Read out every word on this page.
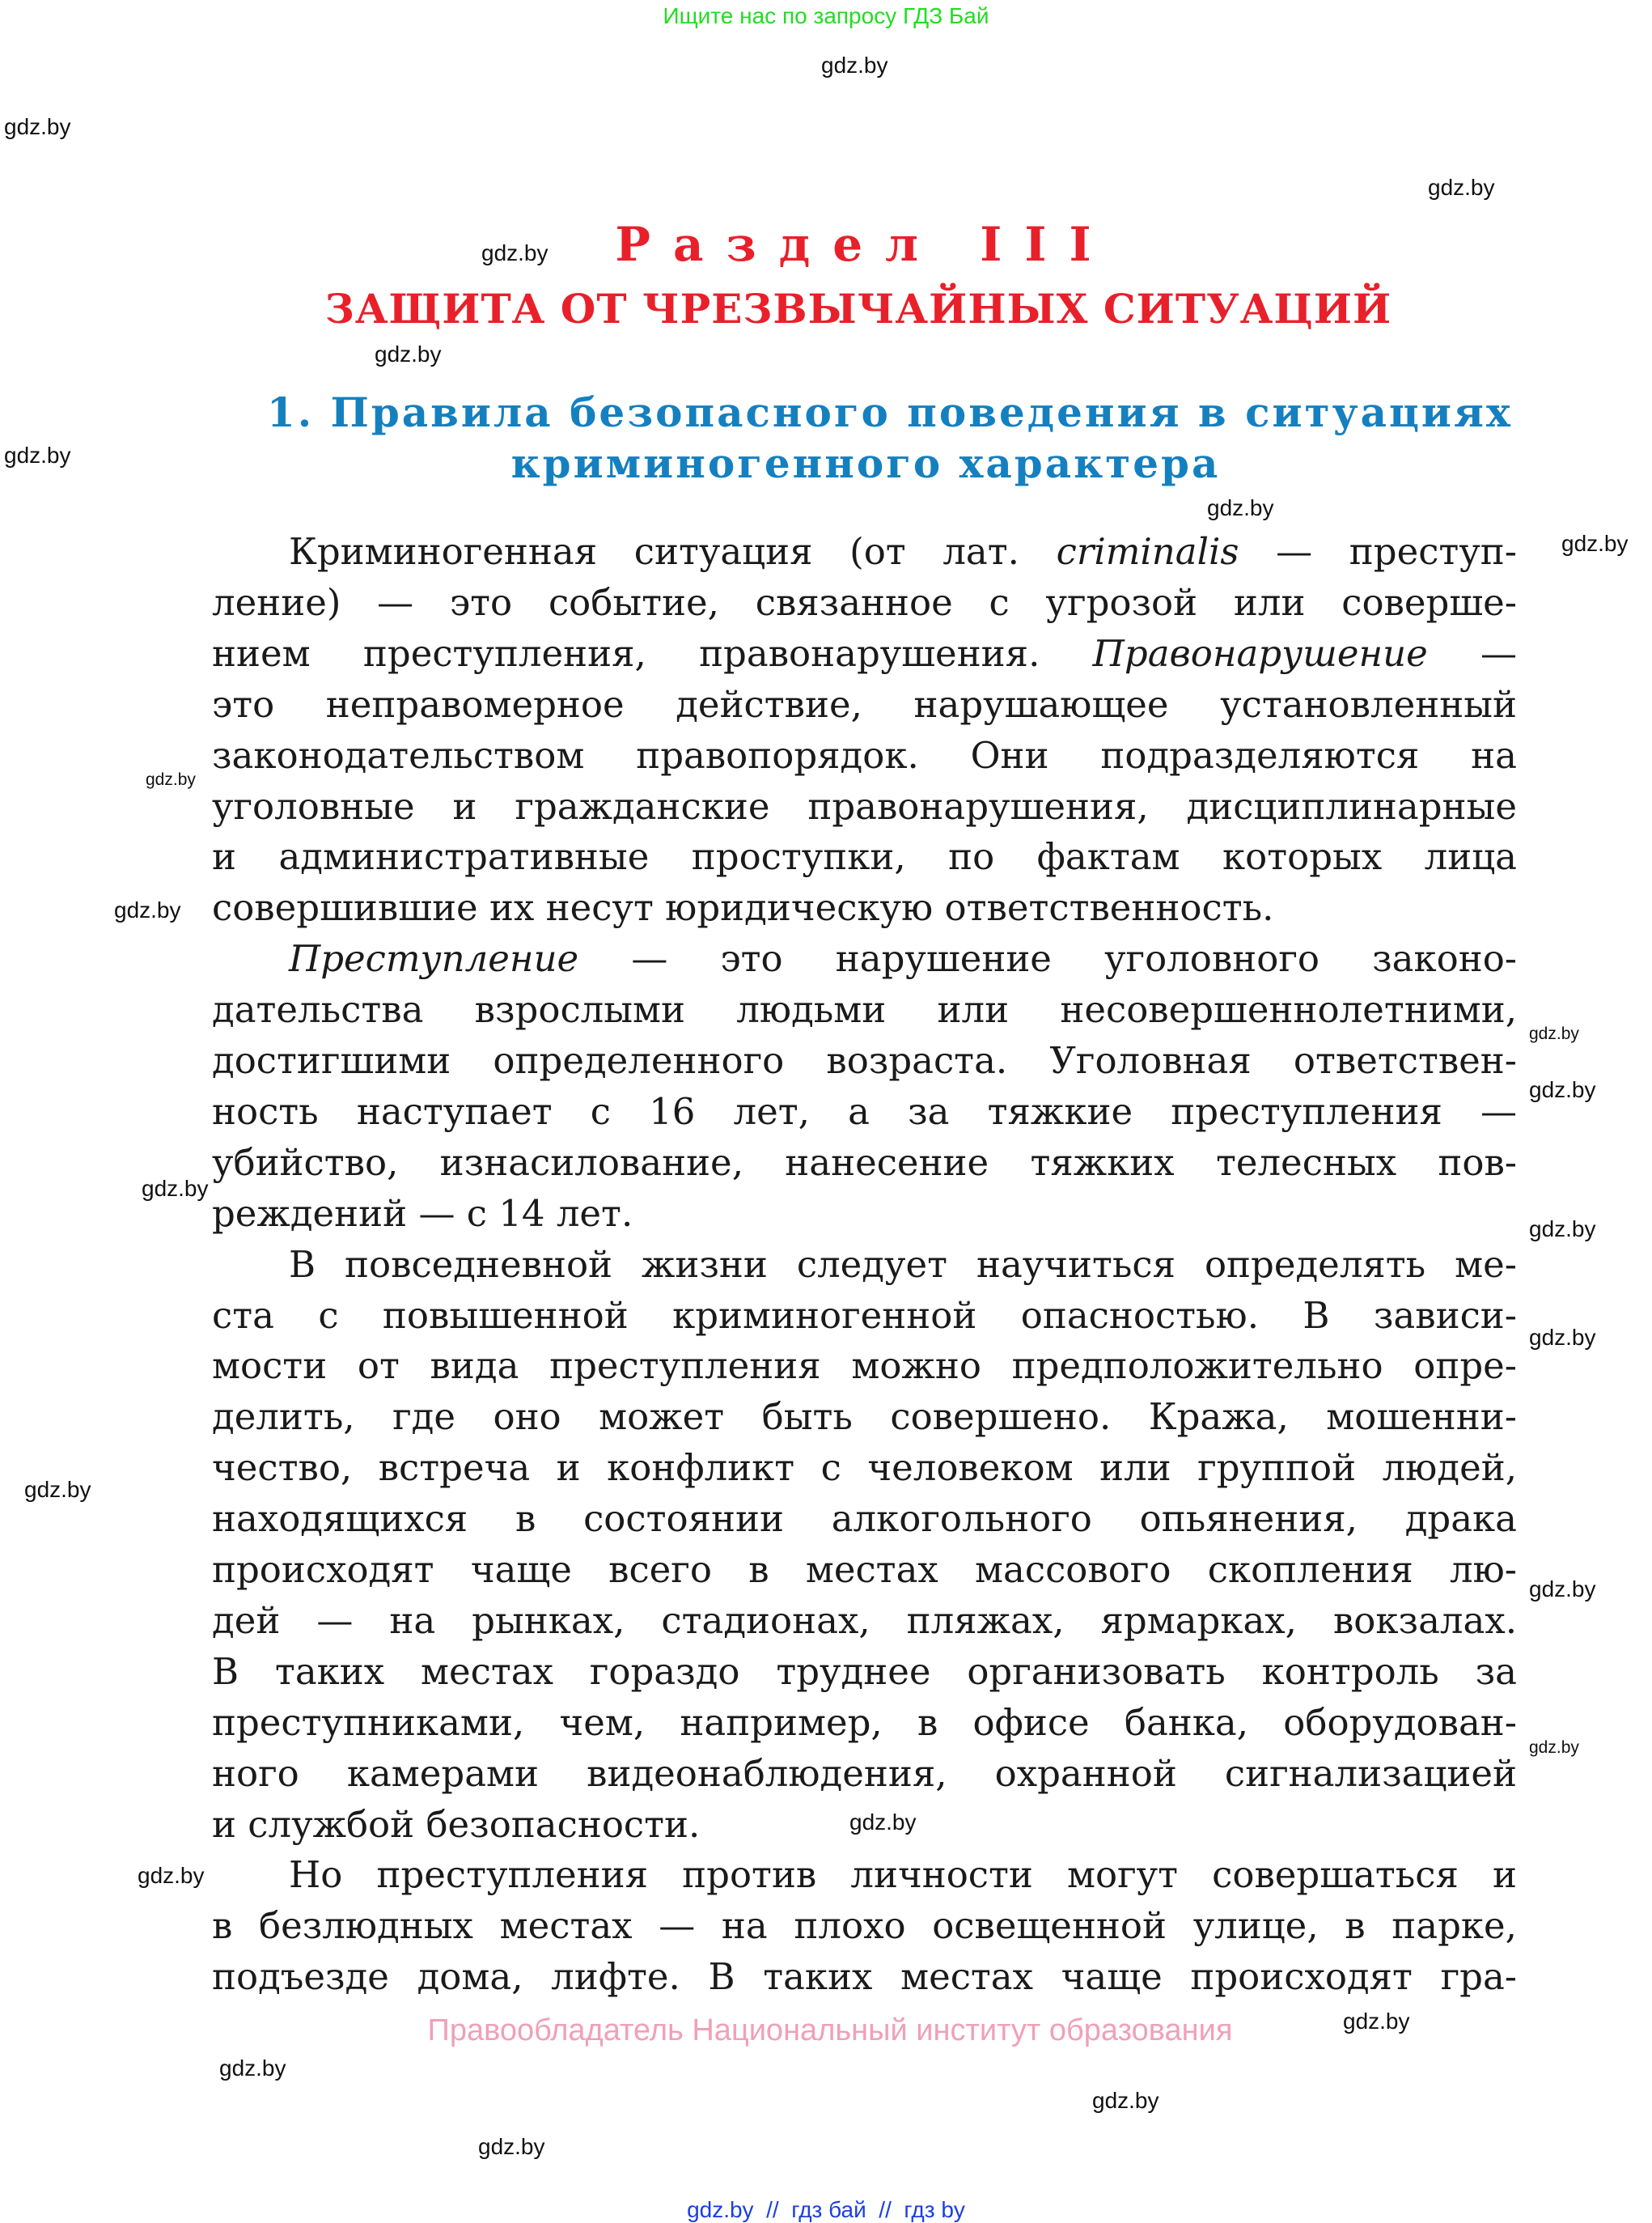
Ищите нас по запросу ГДЗ Бай
Раздел III
ЗАЩИТА ОТ ЧРЕЗВЫЧАЙНЫХ СИТУАЦИЙ
1. Правила безопасного поведения в ситуациях
криминогенного характера
Криминогенная ситуация (от лат. criminalis — преступ-
ление) — это событие, связанное с угрозой или соверше-
нием преступления, правонарушения. Правонарушение —
это неправомерное действие, нарушающее установленный
законодательством правопорядок. Они подразделяются на
уголовные и гражданские правонарушения, дисциплинарные
и административные проступки, по фактам которых лица
совершившие их несут юридическую ответственность.
Преступление — это нарушение уголовного законо-
дательства взрослыми людьми или несовершеннолетними,
достигшими определенного возраста. Уголовная ответствен-
ность наступает с 16 лет, а за тяжкие преступления —
убийство, изнасилование, нанесение тяжких телесных пов-
реждений — с 14 лет.
В повседневной жизни следует научиться определять ме-
ста с повышенной криминогенной опасностью. В зависи-
мости от вида преступления можно предположительно опре-
делить, где оно может быть совершено. Кража, мошенни-
чество, встреча и конфликт с человеком или группой людей,
находящихся в состоянии алкогольного опьянения, драка
происходят чаще всего в местах массового скопления лю-
дей — на рынках, стадионах, пляжах, ярмарках, вокзалах.
В таких местах гораздо труднее организовать контроль за
преступниками, чем, например, в офисе банка, оборудован-
ного камерами видеонаблюдения, охранной сигнализацией
и службой безопасности.
Но преступления против личности могут совершаться и
в безлюдных местах — на плохо освещенной улице, в парке,
подъезде дома, лифте. В таких местах чаще происходят гра-
gdz.by
gdz.by
gdz.by
gdz.by
gdz.by
gdz.by
gdz.by
gdz.by
gdz.by
gdz.by
gdz.by
gdz.by
gdz.by
gdz.by
gdz.by
gdz.by
gdz.by
gdz.by
gdz.by
gdz.by
gdz.by
gdz.by
gdz.by
gdz.by
Правообладатель Национальный институт образования
gdz.by  //  гдз бай  //  гдз by
